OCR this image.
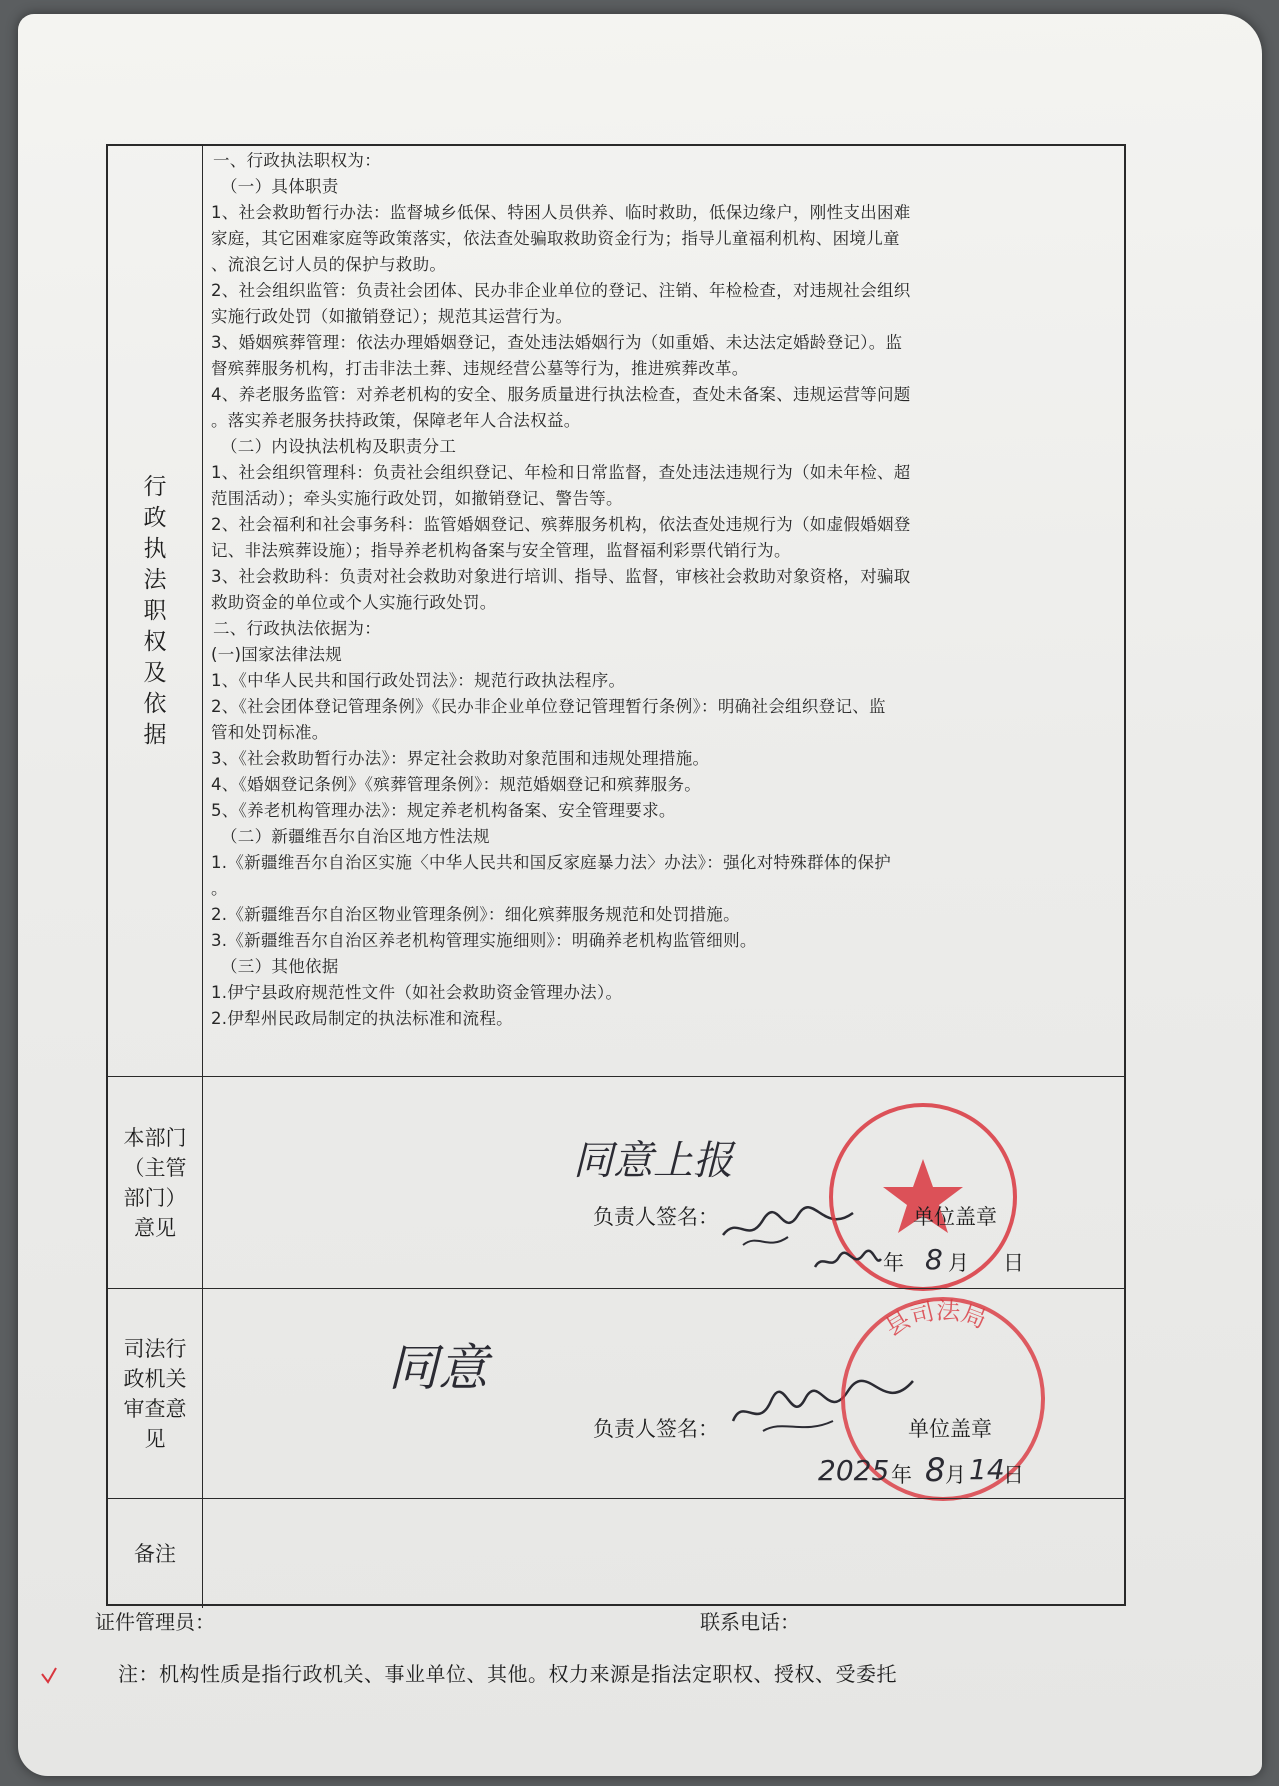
行政执法职权及依据

一、行政执法职权为：

（一）具体职责

1、社会救助暂行办法：监督城乡低保、特困人员供养、临时救助，低保边缘户，刚性支出困难

家庭，其它困难家庭等政策落实，依法查处骗取救助资金行为；指导儿童福利机构、困境儿童

、流浪乞讨人员的保护与救助。

2、社会组织监管：负责社会团体、民办非企业单位的登记、注销、年检检查，对违规社会组织

实施行政处罚（如撤销登记）；规范其运营行为。

3、婚姻殡葬管理：依法办理婚姻登记，查处违法婚姻行为（如重婚、未达法定婚龄登记）。监

督殡葬服务机构，打击非法土葬、违规经营公墓等行为，推进殡葬改革。

4、养老服务监管：对养老机构的安全、服务质量进行执法检查，查处未备案、违规运营等问题

。落实养老服务扶持政策，保障老年人合法权益。

（二）内设执法机构及职责分工

1、社会组织管理科：负责社会组织登记、年检和日常监督，查处违法违规行为（如未年检、超

范围活动）；牵头实施行政处罚，如撤销登记、警告等。

2、社会福利和社会事务科：监管婚姻登记、殡葬服务机构，依法查处违规行为（如虚假婚姻登

记、非法殡葬设施）；指导养老机构备案与安全管理，监督福利彩票代销行为。

3、社会救助科：负责对社会救助对象进行培训、指导、监督，审核社会救助对象资格，对骗取

救助资金的单位或个人实施行政处罚。

二、行政执法依据为：

(一)国家法律法规

1、《中华人民共和国行政处罚法》：规范行政执法程序。

2、《社会团体登记管理条例》《民办非企业单位登记管理暂行条例》：明确社会组织登记、监

管和处罚标准。

3、《社会救助暂行办法》：界定社会救助对象范围和违规处理措施。

4、《婚姻登记条例》《殡葬管理条例》：规范婚姻登记和殡葬服务。

5、《养老机构管理办法》：规定养老机构备案、安全管理要求。

（二）新疆维吾尔自治区地方性法规

1.《新疆维吾尔自治区实施〈中华人民共和国反家庭暴力法〉办法》：强化对特殊群体的保护

。

2.《新疆维吾尔自治区物业管理条例》：细化殡葬服务规范和处罚措施。

3.《新疆维吾尔自治区养老机构管理实施细则》：明确养老机构监管细则。

（三）其他依据

1.伊宁县政府规范性文件（如社会救助资金管理办法）。

2.伊犁州民政局制定的执法标准和流程。

本部门（主管部门）意见
同意上报
负责人签名：	单位盖章
年 8 月 日
司法行政机关审查意见
同意
负责人签名：
县司法局
单位盖章
2025 年 8 月 14
日
备注
证件管理员：	联系电话：
注：机构性质是指行政机关、事业单位、其他。权力来源是指法定职权、授权、受委托
